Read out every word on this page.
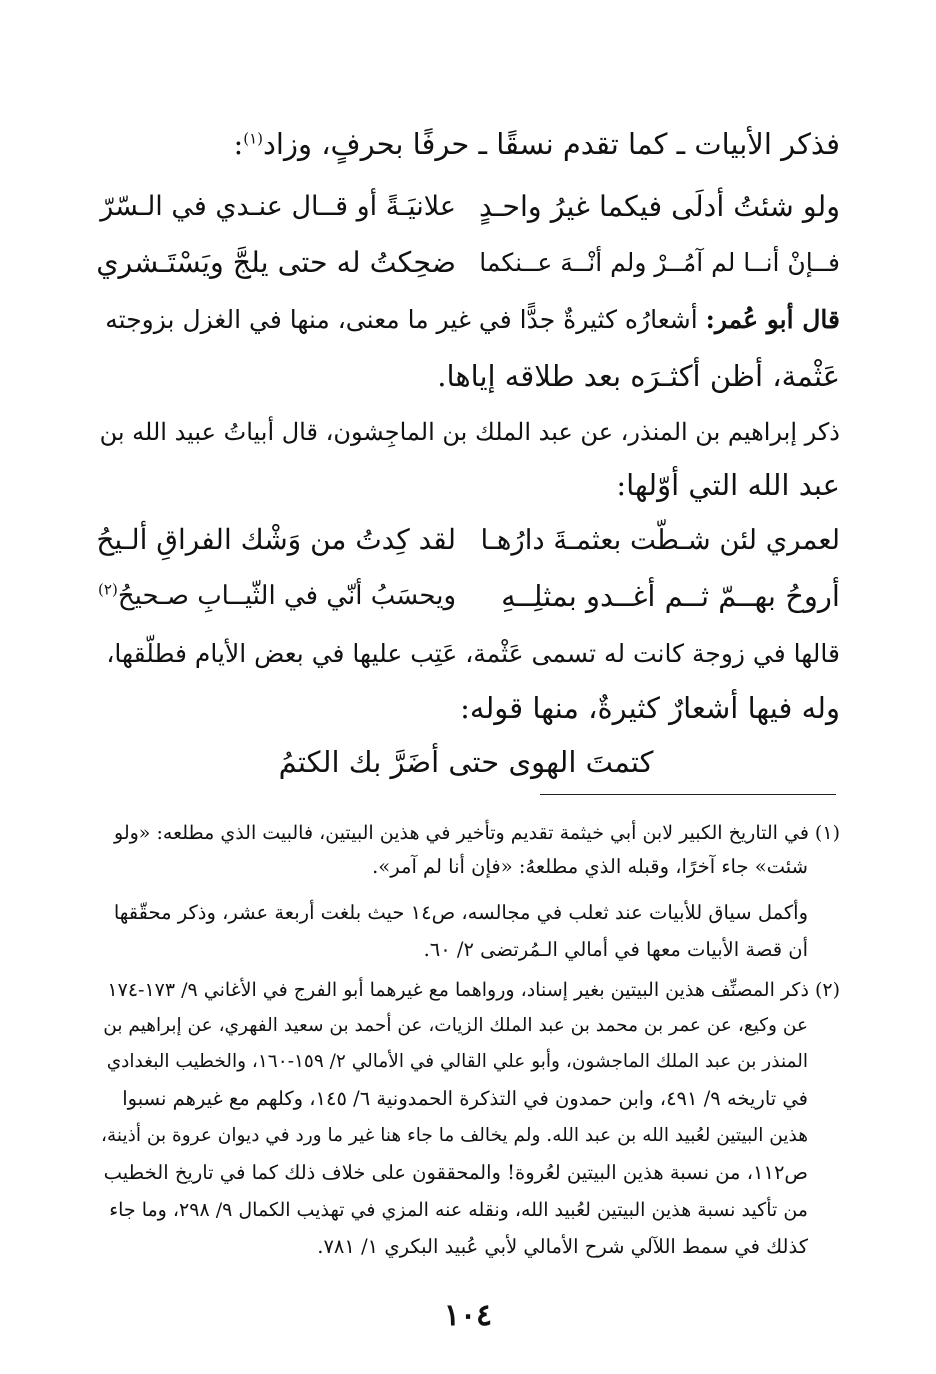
فذكر الأبيات ـ كما تقدم نسقًا ـ حرفًا بحرفٍ، وزاد$^{(١)}$:
ولو شئتُ أدلَى فيكما غيرُ واحـدٍ
علانيَـةً أو قــال عنـدي في الـسّرّ
فــإنْ أنــا لم آمُــرْ ولم أنْــهَ عــنكما
ضحِكتُ له حتى يلجَّ ويَسْتَـشري
قال أبو عُمر: أشعارُه كثيرةٌ جدًّا في غير ما معنى، منها في الغزل بزوجته
عَثْمة، أظن أكثـرَه بعد طلاقه إياها.
ذكر إبراهيم بن المنذر، عن عبد الملك بن الماجِشون، قال أبياتُ عبيد الله بن
عبد الله التي أوّلها:
لعمري لئن شـطّت بعثمـةَ دارُهـا
لقد كِدتُ من وَشْك الفراقِ ألـيحُ
أروحُ بهــمّ ثــم أغــدو بمثلِــهِ
ويحسَبُ أنّي في الثّيــابِ صـحيحُ$^{(٢)}$
قالها في زوجة كانت له تسمى عَثْمة، عَتِب عليها في بعض الأيام فطلّقها،
وله فيها أشعارٌ كثيرةٌ، منها قوله:
كتمتَ الهوى حتى أضَرَّ بك الكتمُ
(١) في التاريخ الكبير لابن أبي خيثمة تقديم وتأخير في هذين البيتين، فالبيت الذي مطلعه: «ولو
شئت» جاء آخرًا، وقبله الذي مطلعهُ: «فإن أنا لم آمر».
وأكمل سياق للأبيات عند ثعلب في مجالسه، ص١٤ حيث بلغت أربعة عشر، وذكر محقّقها
أن قصة الأبيات معها في أمالي الـمُرتضى ٢/ ٦٠.
(٢) ذكر المصنِّف هذين البيتين بغير إسناد، ورواهما مع غيرهما أبو الفرج في الأغاني ٩/ ١٧٣-١٧٤
عن وكيع، عن عمر بن محمد بن عبد الملك الزيات، عن أحمد بن سعيد الفهري، عن إبراهيم بن
المنذر بن عبد الملك الماجشون، وأبو علي القالي في الأمالي ٢/ ١٥٩-١٦٠، والخطيب البغدادي
في تاريخه ٩/ ٤٩١، وابن حمدون في التذكرة الحمدونية ٦/ ١٤٥، وكلهم مع غيرهم نسبوا
هذين البيتين لعُبيد الله بن عبد الله. ولم يخالف ما جاء هنا غير ما ورد في ديوان عروة بن أذينة،
ص١١٢، من نسبة هذين البيتين لعُروة! والمحققون على خلاف ذلك كما في تاريخ الخطيب
من تأكيد نسبة هذين البيتين لعُبيد الله، ونقله عنه المزي في تهذيب الكمال ٩/ ٢٩٨، وما جاء
كذلك في سمط اللآلي شرح الأمالي لأبي عُبيد البكري ١/ ٧٨١.
١٠٤
